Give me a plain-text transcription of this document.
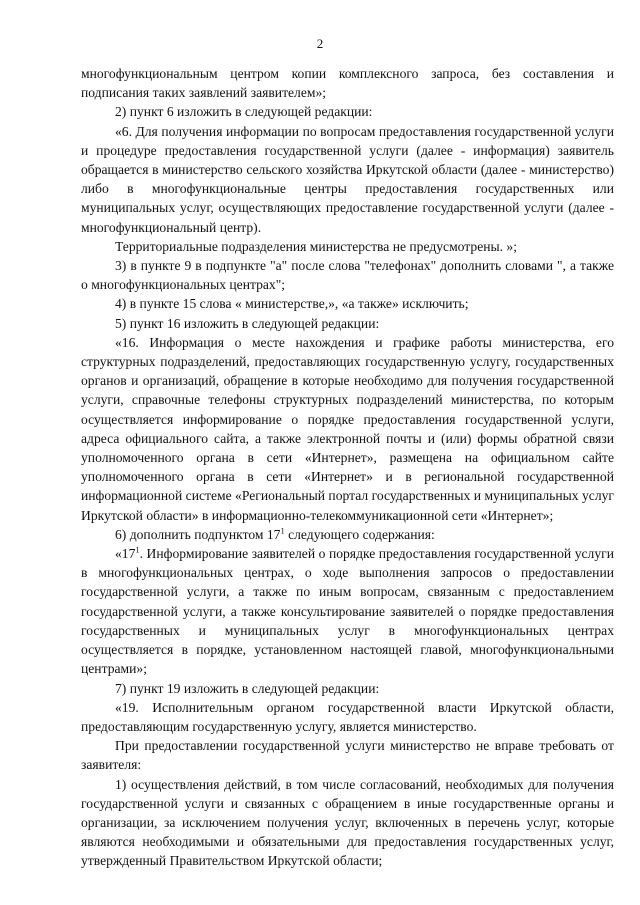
2

многофункциональным центром копии комплексного запроса, без составления и подписания таких заявлений заявителем»;

2) пункт 6 изложить в следующей редакции:

«6. Для получения информации по вопросам предоставления государственной услуги и процедуре предоставления государственной услуги (далее - информация) заявитель обращается в министерство сельского хозяйства Иркутской области (далее - министерство) либо в многофункциональные центры предоставления государственных или муниципальных услуг, осуществляющих предоставление государственной услуги (далее - многофункциональный центр).

Территориальные подразделения министерства не предусмотрены. »;

3) в пункте 9 в подпункте "а" после слова "телефонах" дополнить словами ", а также о многофункциональных центрах";

4) в пункте 15 слова « министерстве,», «а также» исключить;

5) пункт 16 изложить в следующей редакции:

«16. Информация о месте нахождения и графике работы министерства, его структурных подразделений, предоставляющих государственную услугу, государственных органов и организаций, обращение в которые необходимо для получения государственной услуги, справочные телефоны структурных подразделений министерства, по которым осуществляется информирование о порядке предоставления государственной услуги, адреса официального сайта, а также электронной почты и (или) формы обратной связи уполномоченного органа в сети «Интернет», размещена на официальном сайте уполномоченного органа в сети «Интернет» и в региональной государственной информационной системе «Региональный портал государственных и муниципальных услуг Иркутской области» в информационно-телекоммуникационной сети «Интернет»;

6) дополнить подпунктом $17^1$ следующего содержания:

«$17^1$. Информирование заявителей о порядке предоставления государственной услуги в многофункциональных центрах, о ходе выполнения запросов о предоставлении государственной услуги, а также по иным вопросам, связанным с предоставлением государственной услуги, а также консультирование заявителей о порядке предоставления государственных и муниципальных услуг в многофункциональных центрах осуществляется в порядке, установленном настоящей главой, многофункциональными центрами»;

7) пункт 19 изложить в следующей редакции:

«19. Исполнительным органом государственной власти Иркутской области, предоставляющим государственную услугу, является министерство.

При предоставлении государственной услуги министерство не вправе требовать от заявителя:

1) осуществления действий, в том числе согласований, необходимых для получения государственной услуги и связанных с обращением в иные государственные органы и организации, за исключением получения услуг, включенных в перечень услуг, которые являются необходимыми и обязательными для предоставления государственных услуг, утвержденный Правительством Иркутской области;
